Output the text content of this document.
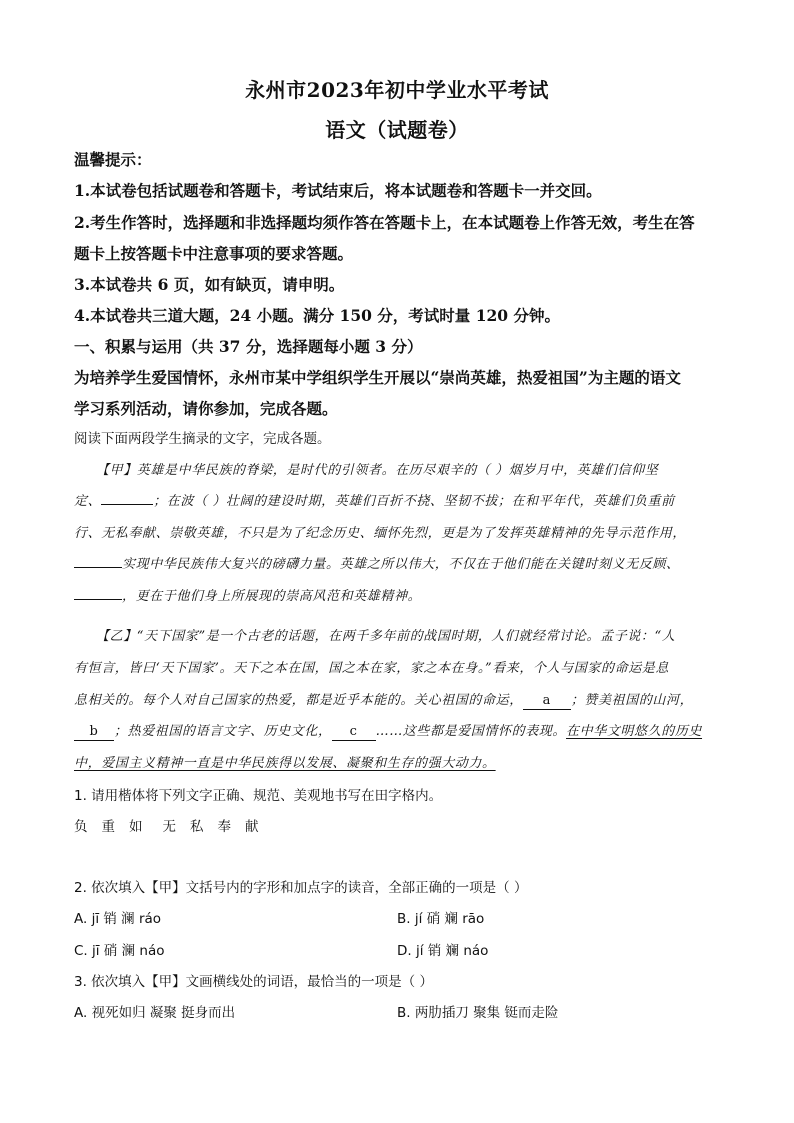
永州市2023年初中学业水平考试
语文（试题卷）
温馨提示：
1.本试卷包括试题卷和答题卡，考试结束后，将本试题卷和答题卡一并交回。
2.考生作答时，选择题和非选择题均须作答在答题卡上，在本试题卷上作答无效，考生在答
题卡上按答题卡中注意事项的要求答题。
3.本试卷共 6 页，如有缺页，请申明。
4.本试卷共三道大题，24 小题。满分 150 分，考试时量 120 分钟。
一、积累与运用（共 37 分，选择题每小题 3 分）
为培养学生爱国情怀，永州市某中学组织学生开展以“崇尚英雄，热爱祖国”为主题的语文
学习系列活动，请你参加，完成各题。
阅读下面两段学生摘录的文字，完成各题。
【甲】英雄是中华民族的脊梁，是时代的引领者。在历尽艰辛的（ ）烟岁月中，英雄们信仰坚
定、	；在波（ ）壮阔的建设时期，英雄们百折不挠、坚韧不拔；在和平年代，英雄们负重前
行、无私奉献、崇敬英雄，不只是为了纪念历史、缅怀先烈，更是为了发挥英雄精神的先导示范作用，
实现中华民族伟大复兴的磅礴力量。英雄之所以伟大，不仅在于他们能在关键时刻义无反顾、
，更在于他们身上所展现的崇高风范和英雄精神。
【乙】“天下国家”是一个古老的话题，在两千多年前的战国时期，人们就经常讨论。孟子说：“人
有恒言，皆曰‘天下国家’。天下之本在国，国之本在家，家之本在身。”看来，个人与国家的命运是息
息相关的。每个人对自己国家的热爱，都是近乎本能的。关心祖国的命运， a ；赞美祖国的山河，
b ；热爱祖国的语言文字、历史文化， c ……这些都是爱国情怀的表现。在中华文明悠久的历史
中，爱国主义精神一直是中华民族得以发展、凝聚和生存的强大动力。
1. 请用楷体将下列文字正确、规范、美观地书写在田字格内。
负重如 无私奉献
2. 依次填入【甲】文括号内的字形和加点字的读音，全部正确的一项是（ ）
A. jī 销 澜 ráo	B. jí 硝 斓 rāo
C. jī 硝 澜 náo	D. jí 销 斓 náo
3. 依次填入【甲】文画横线处的词语，最恰当的一项是（ ）
A. 视死如归 凝聚 挺身而出	B. 两肋插刀 聚集 铤而走险
